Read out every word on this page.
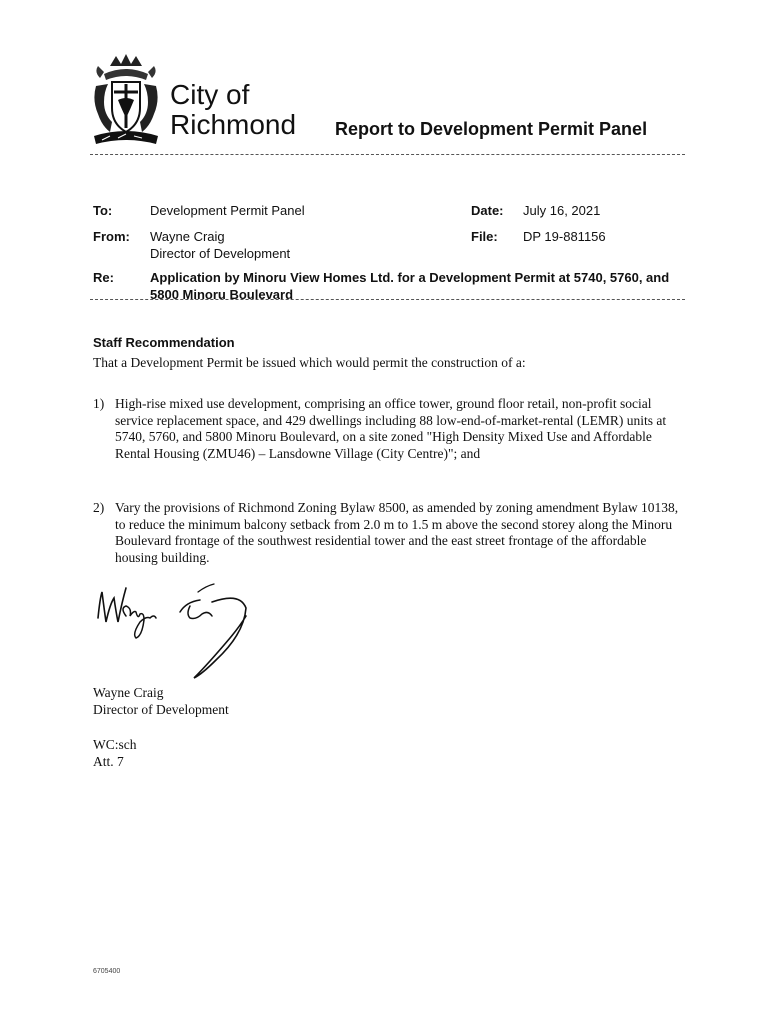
City of
Richmond Report to Development Permit Panel
To:	Development Permit Panel
From: Wayne Craig
Director of Development
Date: July 16, 2021
File: DP 19-881156
Re:	Application by Minoru View Homes Ltd. for a Development Permit at 5740, 5760, and 5800 Minoru Boulevard
Staff Recommendation
That a Development Permit be issued which would permit the construction of a:
1) High-rise mixed use development, comprising an office tower, ground floor retail, non-profit social service replacement space, and 429 dwellings including 88 low-end-of-market-rental (LEMR) units at 5740, 5760, and 5800 Minoru Boulevard, on a site zoned "High Density Mixed Use and Affordable Rental Housing (ZMU46) – Lansdowne Village (City Centre)"; and
2) Vary the provisions of Richmond Zoning Bylaw 8500, as amended by zoning amendment Bylaw 10138, to reduce the minimum balcony setback from 2.0 m to 1.5 m above the second storey along the Minoru Boulevard frontage of the southwest residential tower and the east street frontage of the affordable housing building.
Wayne Craig
Director of Development
WC:sch
Att. 7
6705400
